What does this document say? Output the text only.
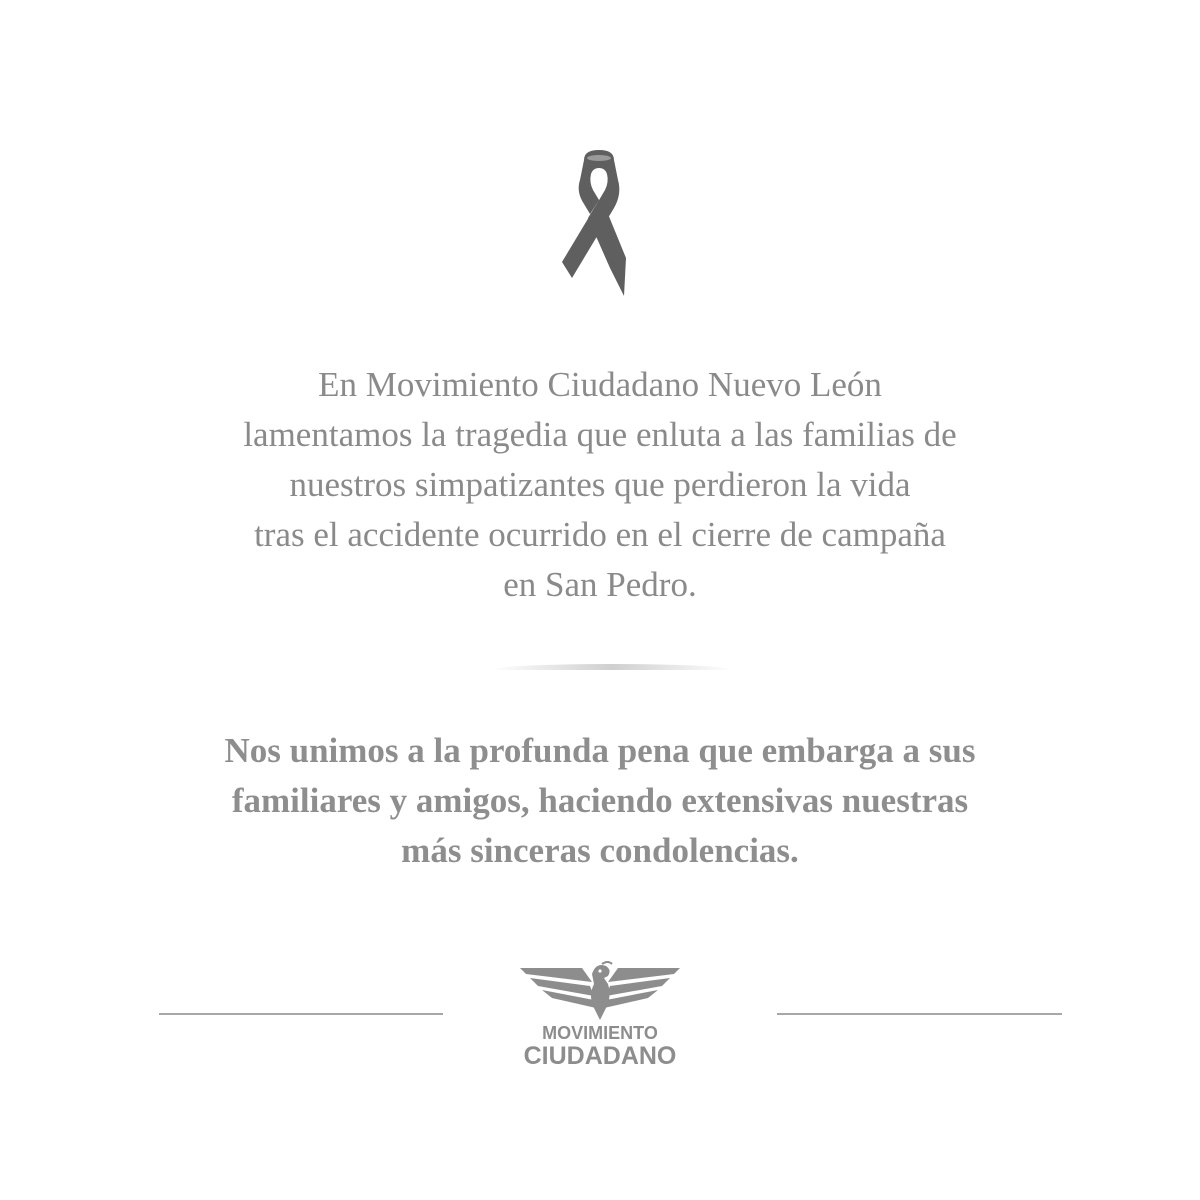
En Movimiento Ciudadano Nuevo León
lamentamos la tragedia que enluta a las familias de
nuestros simpatizantes que perdieron la vida
tras el accidente ocurrido en el cierre de campaña
en San Pedro.

Nos unimos a la profunda pena que embarga a sus
familiares y amigos, haciendo extensivas nuestras
más sinceras condolencias.

MOVIMIENTO
CIUDADANO
